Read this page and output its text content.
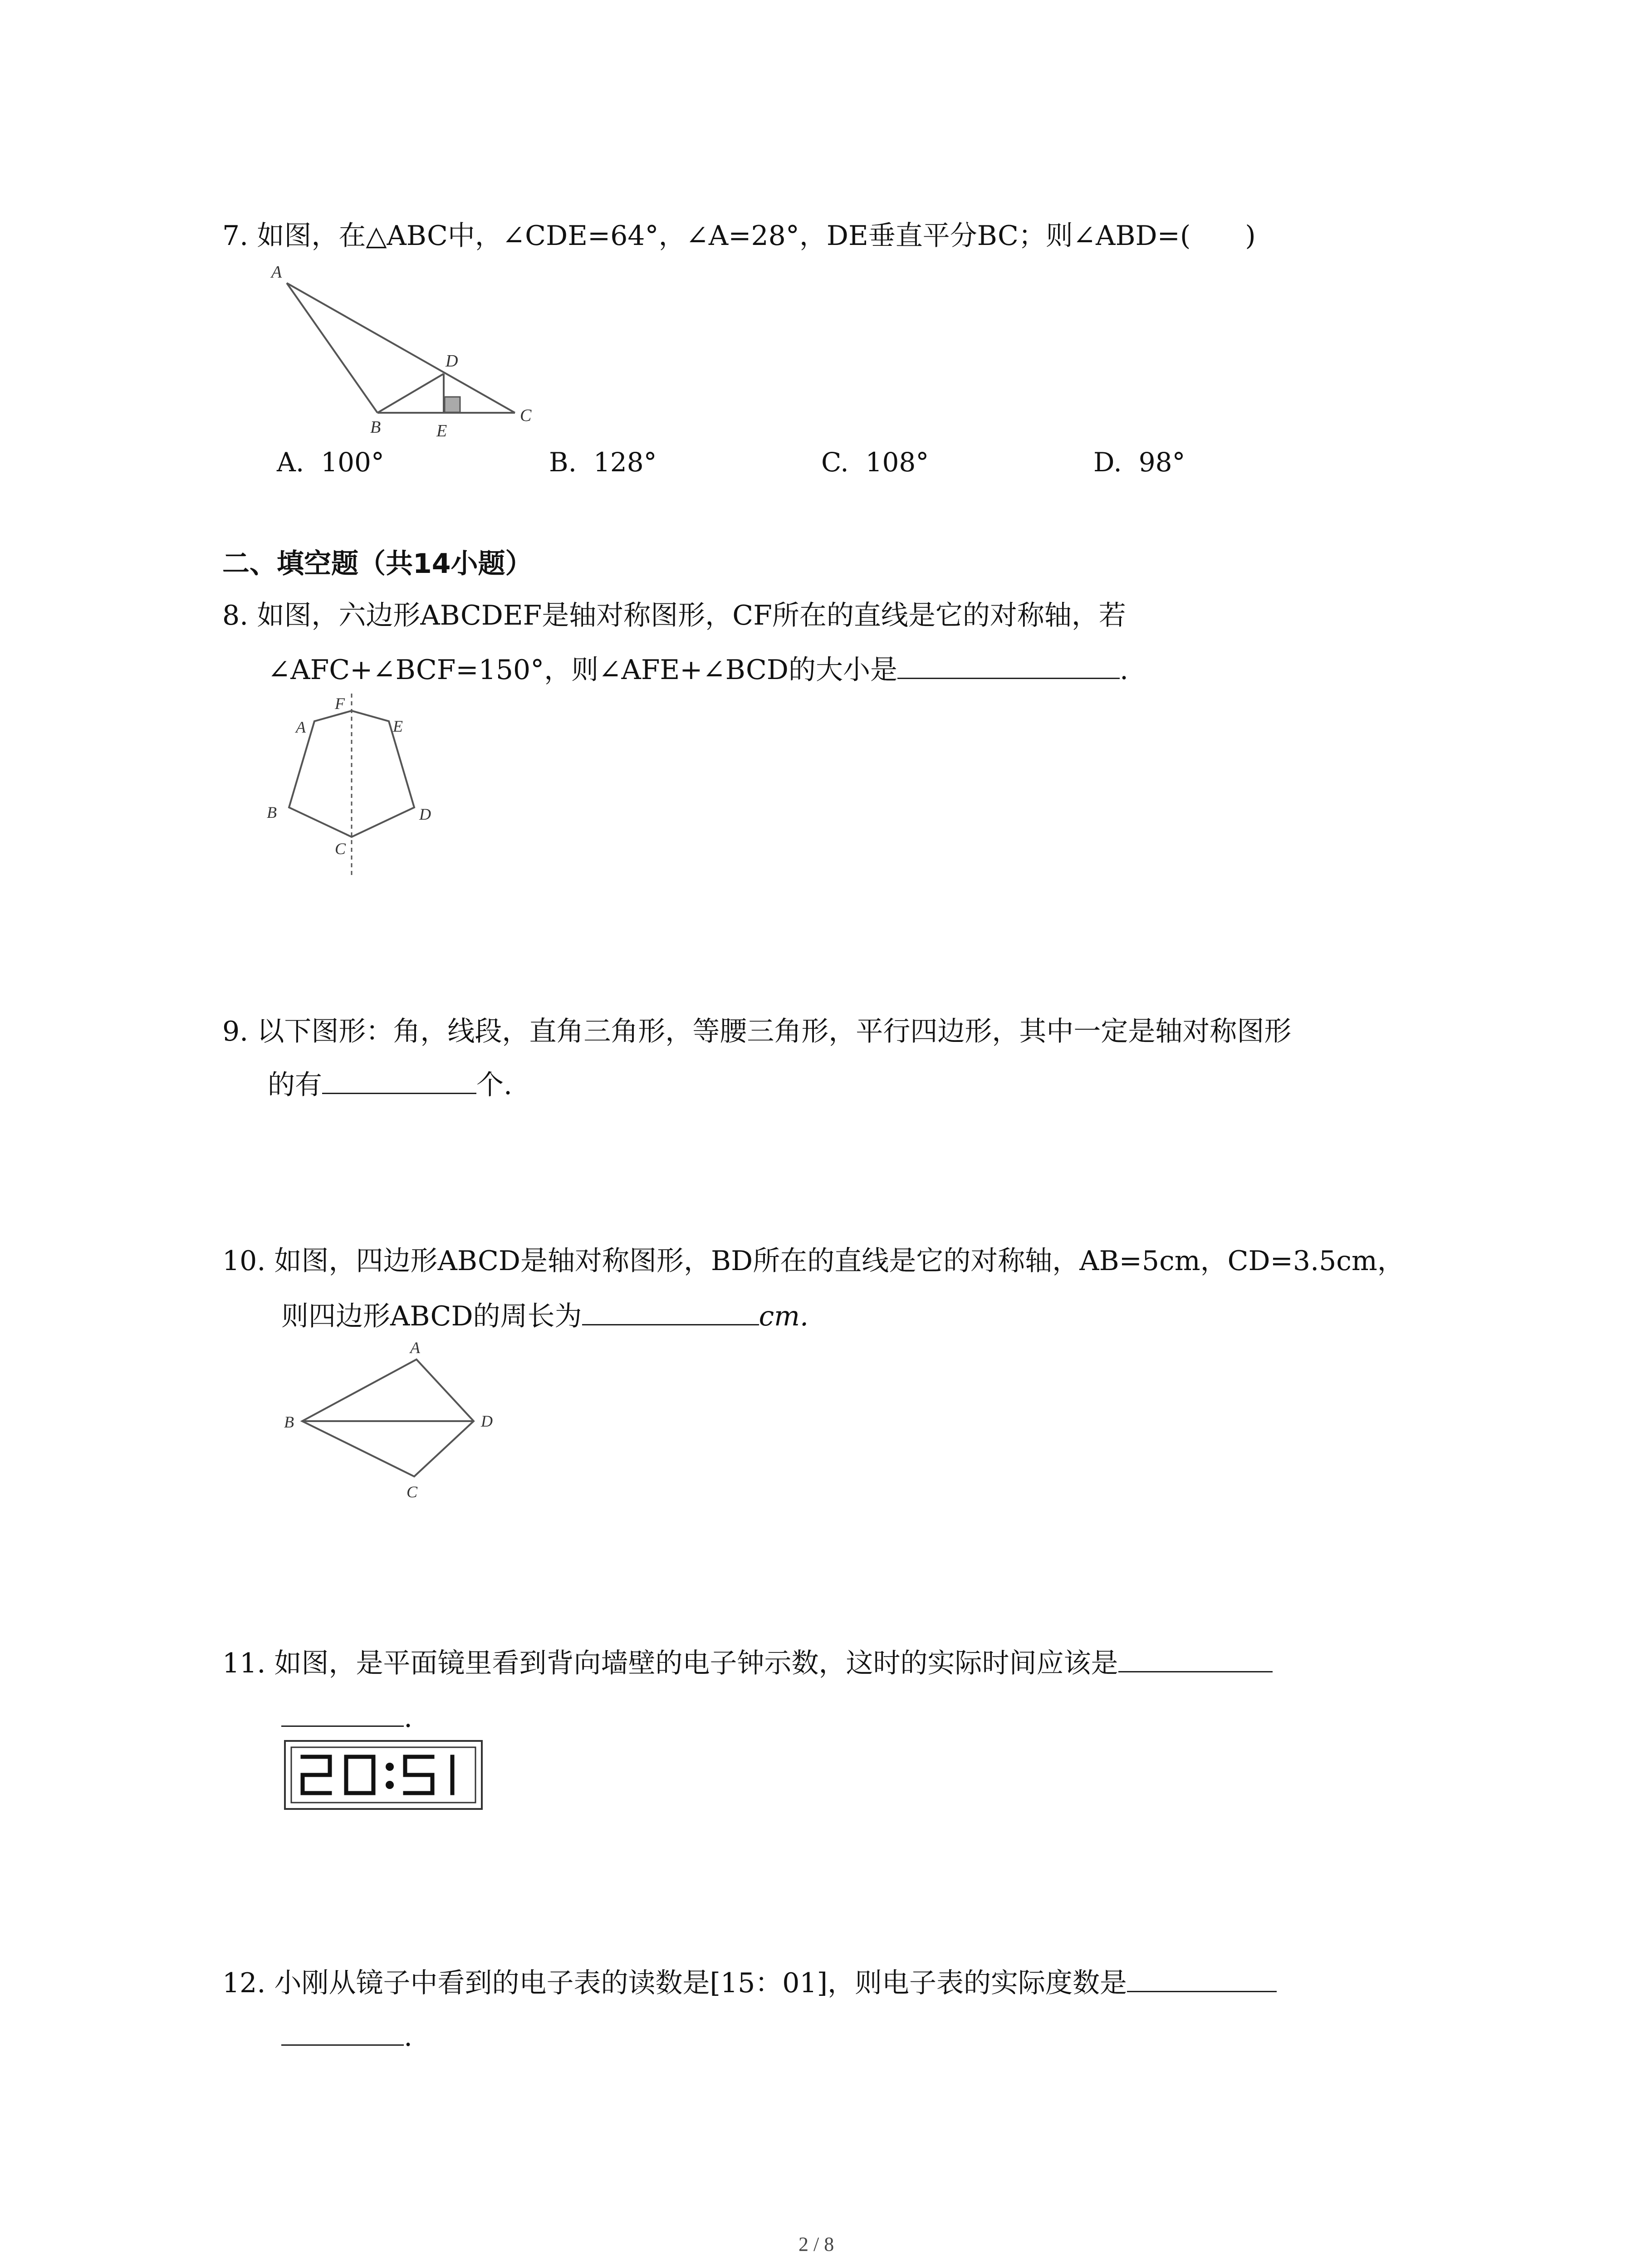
7. 如图，在△ABC中，∠CDE=64°，∠A=28°，DE垂直平分BC；则∠ABD=(　　)
A
B
C
D
E
A. 100°	B. 128°	C. 108°	D. 98°
二、填空题（共14小题）
8. 如图，六边形ABCDEF是轴对称图形，CF所在的直线是它的对称轴，若
∠AFC+∠BCF=150°，则∠AFE+∠BCD的大小是	.
A
B
C
D
E
F
9. 以下图形：角，线段，直角三角形，等腰三角形，平行四边形，其中一定是轴对称图形
的有	个.
10. 如图，四边形ABCD是轴对称图形，BD所在的直线是它的对称轴，AB=5cm，CD=3.5cm，
则四边形ABCD的周长为	cm.
A
B
C
D
11. 如图，是平面镜里看到背向墙壁的电子钟示数，这时的实际时间应该是
.
20:51
12. 小刚从镜子中看到的电子表的读数是[15：01]，则电子表的实际度数是
.
2 / 8
